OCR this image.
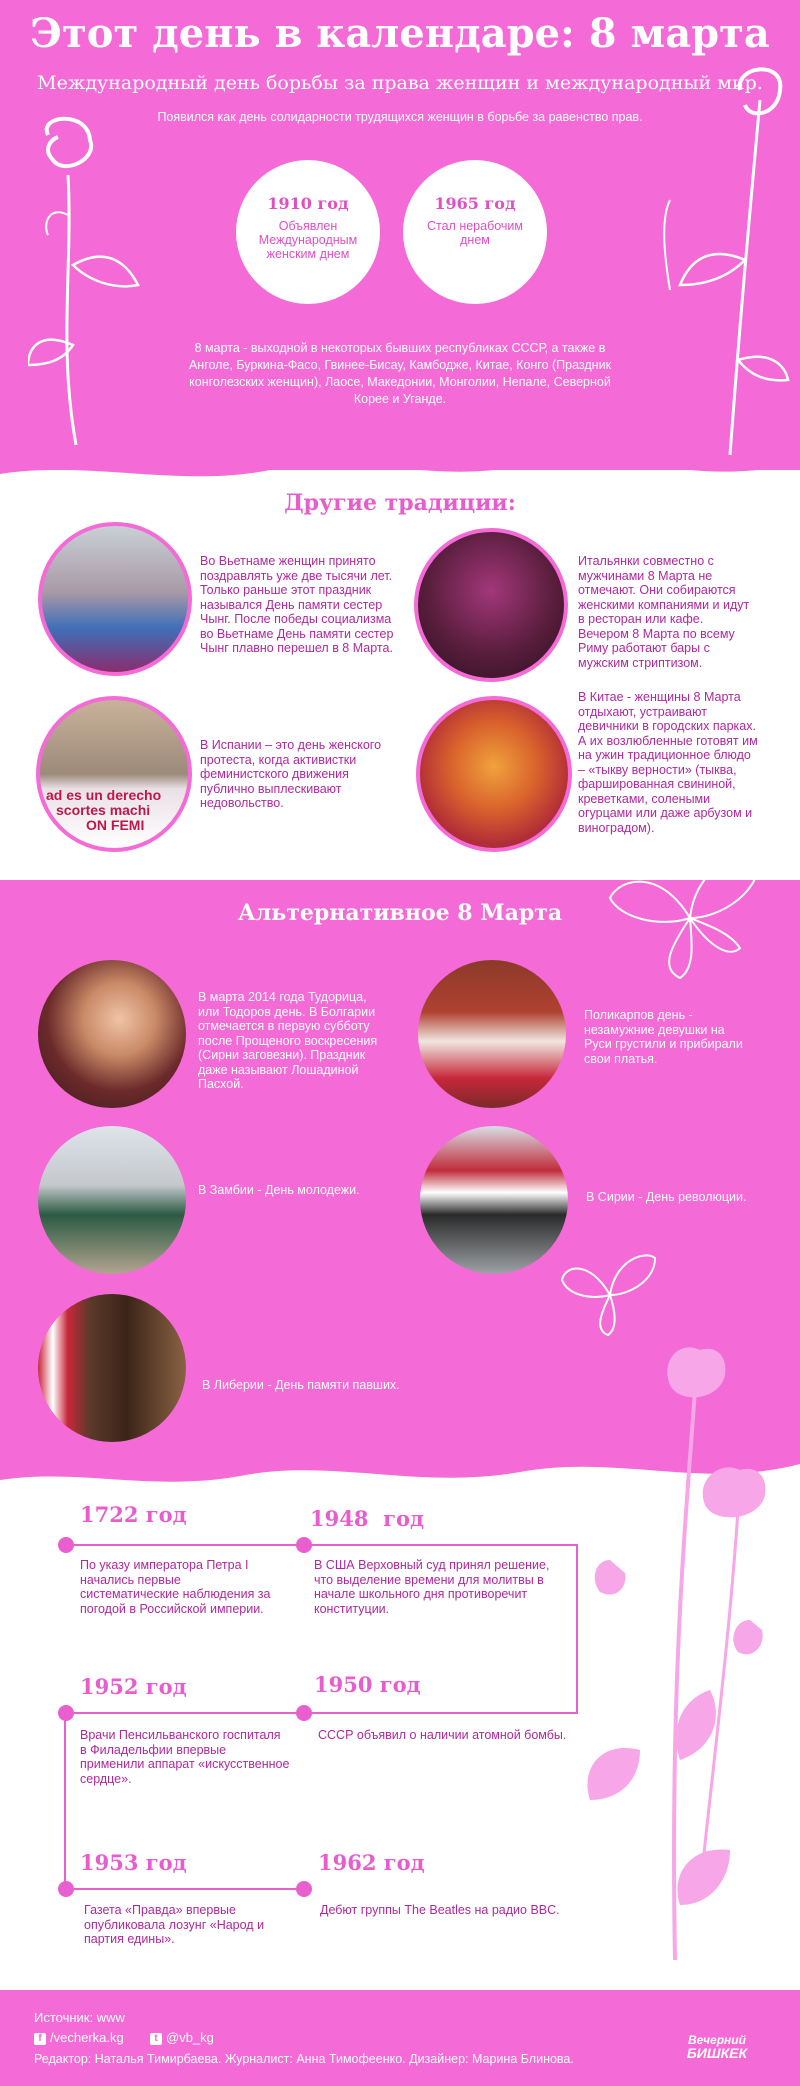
Этот день в календаре: 8 марта
Международный день борьбы за права женщин и международный мир.
Появился как день солидарности трудящихся женщин в борьбе за равенство прав.
1910 год
Объявлен Международным женским днем
1965 год
Стал нерабочим днем
8 марта - выходной в некоторых бывших республиках СССР, а также в Анголе, Буркина-Фасо, Гвинее-Бисау, Камбодже, Китае, Конго (Праздник конголезских женщин), Лаосе, Македонии, Монголии, Непале, Северной Корее и Уганде.
Другие традиции:
Во Вьетнаме женщин принято поздравлять уже две тысячи лет. Только раньше этот праздник назывался День памяти сестер Чынг. После победы социализма во Вьетнаме День памяти сестер Чынг плавно перешел в 8 Марта.
Итальянки совместно с мужчинами 8 Марта не отмечают. Они собираются женскими компаниями и идут в ресторан или кафе. Вечером 8 Марта по всему Риму работают бары с мужским стриптизом.
ad es un derecho
scortes machi
ON FEMI
В Испании – это день женского протеста, когда активистки феминистского движения публично выплескивают недовольство.
В Китае - женщины 8 Марта отдыхают, устраивают девичники в городских парках. А их возлюбленные готовят им на ужин традиционное блюдо – «тыкву верности» (тыква, фаршированная свининой, креветками, солеными огурцами или даже арбузом и виноградом).
Альтернативное 8 Марта
В марта 2014 года Тудорица, или Тодоров день. В Болгарии отмечается в первую субботу после Прощеного воскресения (Сирни заговезни). Праздник даже называют Лошадиной Пасхой.
Поликарпов день - незамужние девушки на Руси грустили и прибирали свои платья.
В Замбии - День молодежи.	В Сирии - День революции.
В Либерии - День памяти павших.
1722 год
По указу императора Петра I начались первые систематические наблюдения за погодой в Российской империи.
1948  год
В США Верховный суд принял решение, что выделение времени для молитвы в начале школьного дня противоречит конституции.
1952 год
Врачи Пенсильванского госпиталя в Филадельфии впервые применили аппарат «искусственное сердце».
1950 год
СССР объявил о наличии атомной бомбы.
1953 год
Газета «Правда» впервые опубликовала лозунг «Народ и партия едины».
1962 год
Дебют группы The Beatles на радио BBC.
Источник: www
f /vecherka.kg	t @vb_kg
Редактор: Наталья Тимирбаева. Журналист: Анна Тимофеенко. Дизайнер: Марина Блинова.
Вечерний
БИШКЕК
